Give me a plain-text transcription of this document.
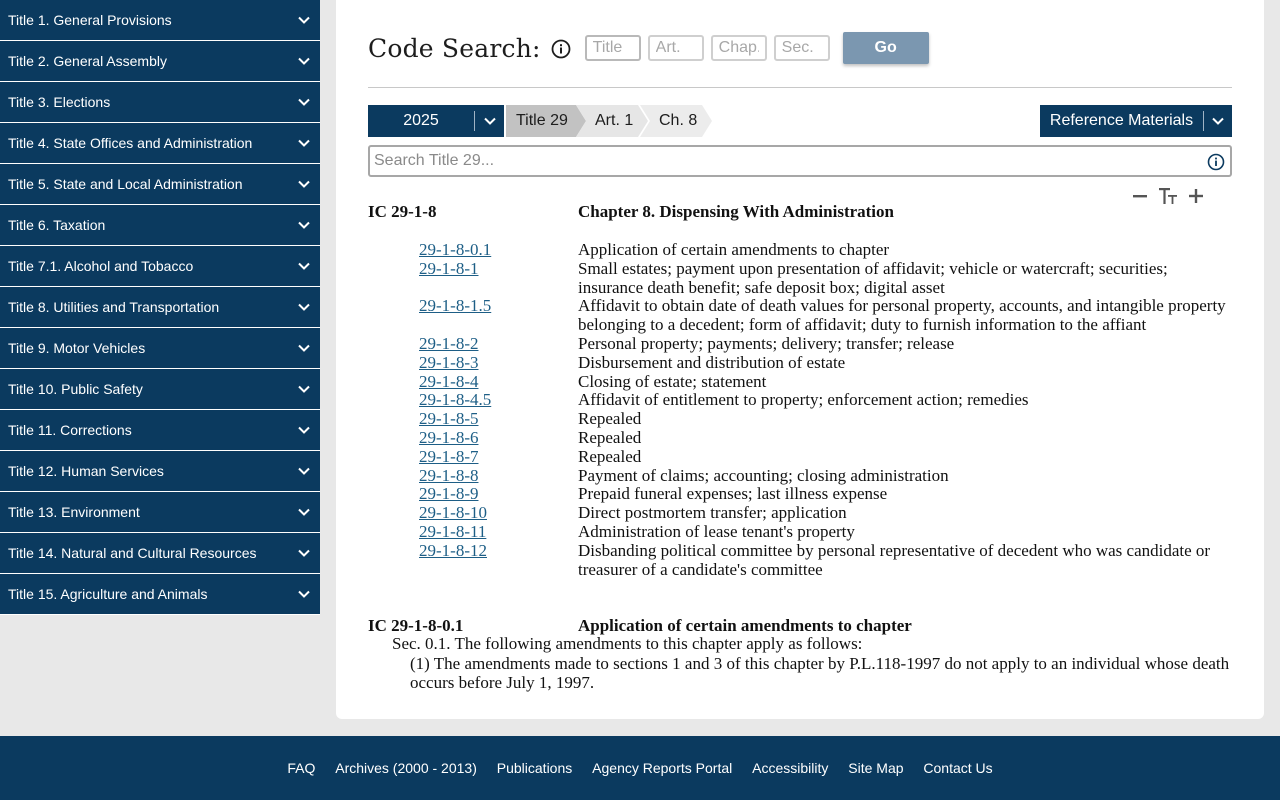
Title 1. General Provisions
Title 2. General Assembly
Title 3. Elections
Title 4. State Offices and Administration
Title 5. State and Local Administration
Title 6. Taxation
Title 7.1. Alcohol and Tobacco
Title 8. Utilities and Transportation
Title 9. Motor Vehicles
Title 10. Public Safety
Title 11. Corrections
Title 12. Human Services
Title 13. Environment
Title 14. Natural and Cultural Resources
Title 15. Agriculture and Animals
Code Search:
Title
Art.
Chap.
Sec.	Go
2025	Title 29 Art. 1 Ch. 8	Reference Materials
Search Title 29...
IC 29-1-8	Chapter 8. Dispensing With Administration
29-1-8-0.1	Application of certain amendments to chapter
29-1-8-1	Small estates; payment upon presentation of affidavit; vehicle or watercraft; securities; insurance death benefit; safe deposit box; digital asset
29-1-8-1.5	Affidavit to obtain date of death values for personal property, accounts, and intangible property belonging to a decedent; form of affidavit; duty to furnish information to the affiant
29-1-8-2	Personal property; payments; delivery; transfer; release
29-1-8-3	Disbursement and distribution of estate
29-1-8-4	Closing of estate; statement
29-1-8-4.5	Affidavit of entitlement to property; enforcement action; remedies
29-1-8-5	Repealed
29-1-8-6	Repealed
29-1-8-7	Repealed
29-1-8-8	Payment of claims; accounting; closing administration
29-1-8-9	Prepaid funeral expenses; last illness expense
29-1-8-10	Direct postmortem transfer; application
29-1-8-11	Administration of lease tenant's property
29-1-8-12	Disbanding political committee by personal representative of decedent who was candidate or treasurer of a candidate's committee
IC 29-1-8-0.1	Application of certain amendments to chapter
Sec. 0.1. The following amendments to this chapter apply as follows:
(1) The amendments made to sections 1 and 3 of this chapter by P.L.118-1997 do not apply to an individual whose death occurs before July 1, 1997.
FAQ Archives (2000 - 2013) Publications Agency Reports Portal Accessibility Site Map Contact Us
